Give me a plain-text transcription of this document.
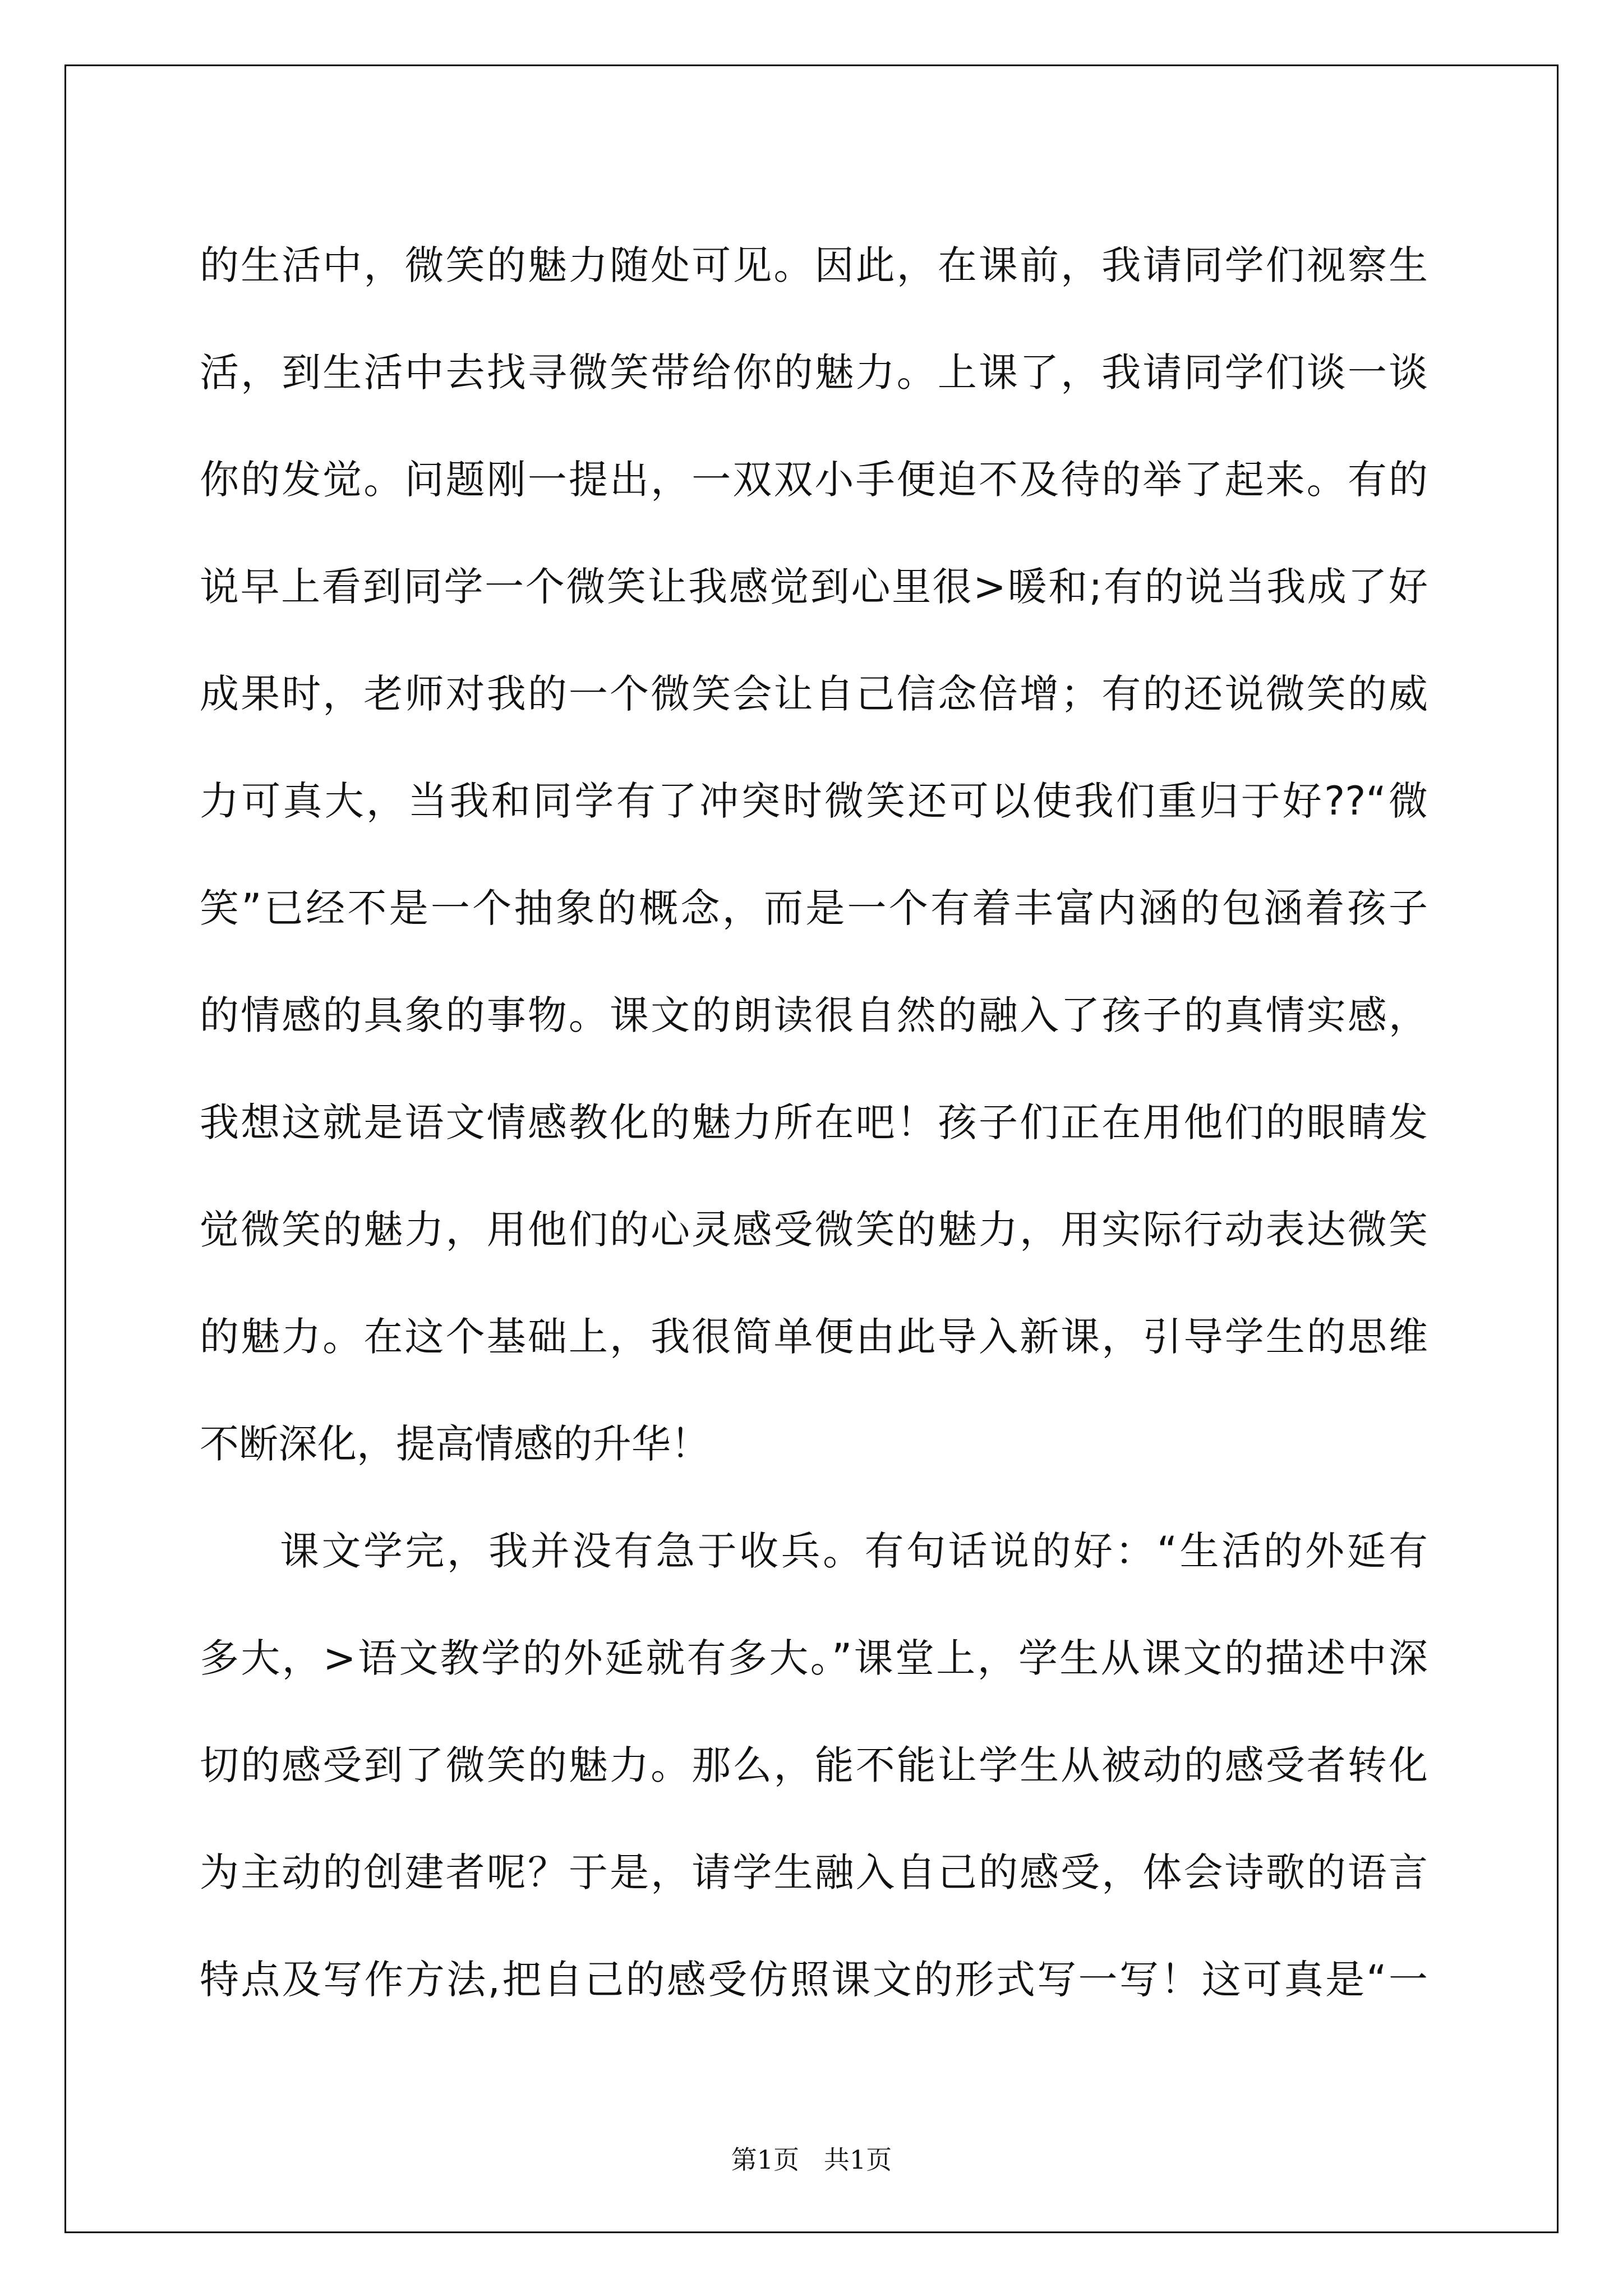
的生活中，微笑的魅力随处可见。因此，在课前，我请同学们视察生
活，到生活中去找寻微笑带给你的魅力。上课了，我请同学们谈一谈
你的发觉。问题刚一提出，一双双小手便迫不及待的举了起来。有的
说早上看到同学一个微笑让我感觉到心里很>暖和;有的说当我成了好
成果时，老师对我的一个微笑会让自己信念倍增；有的还说微笑的威
力可真大，当我和同学有了冲突时微笑还可以使我们重归于好??“微
笑”已经不是一个抽象的概念，而是一个有着丰富内涵的包涵着孩子
的情感的具象的事物。课文的朗读很自然的融入了孩子的真情实感，
我想这就是语文情感教化的魅力所在吧！孩子们正在用他们的眼睛发
觉微笑的魅力，用他们的心灵感受微笑的魅力，用实际行动表达微笑
的魅力。在这个基础上，我很简单便由此导入新课，引导学生的思维
不断深化，提高情感的升华！
课文学完，我并没有急于收兵。有句话说的好：“生活的外延有
多大，>语文教学的外延就有多大。”课堂上，学生从课文的描述中深
切的感受到了微笑的魅力。那么，能不能让学生从被动的感受者转化
为主动的创建者呢？于是，请学生融入自己的感受，体会诗歌的语言
特点及写作方法,把自己的感受仿照课文的形式写一写！这可真是“一
第1页   共1页
